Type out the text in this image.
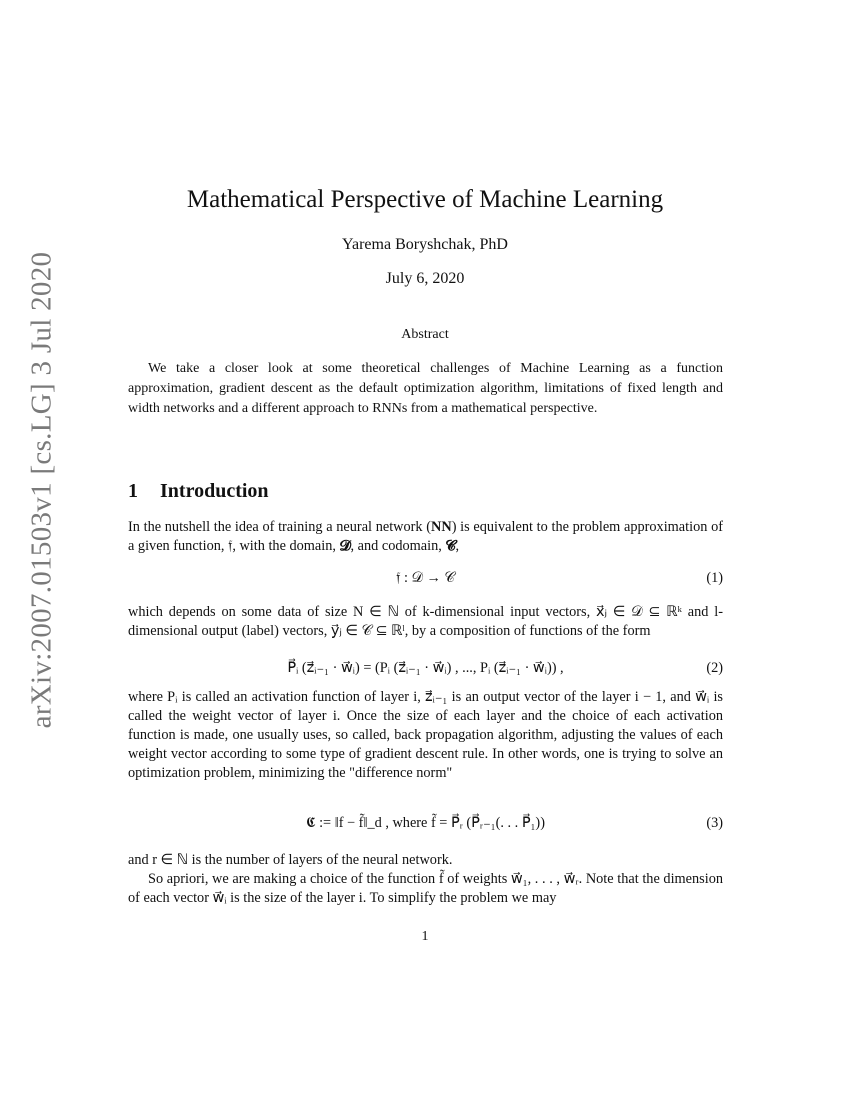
arXiv:2007.01503v1 [cs.LG] 3 Jul 2020
Mathematical Perspective of Machine Learning
Yarema Boryshchak, PhD
July 6, 2020
Abstract

We take a closer look at some theoretical challenges of Machine Learning as a function approximation, gradient descent as the default optimization algorithm, limitations of fixed length and width networks and a different approach to RNNs from a mathematical perspective.

1 Introduction

In the nutshell the idea of training a neural network (NN) is equivalent to the problem approximation of a given function, 𝔣, with the domain, 𝓓, and codomain, 𝓒,

𝔣 : 𝒟 → 𝒞	(1)

which depends on some data of size N ∈ ℕ of k-dimensional input vectors, x⃗ⱼ ∈ 𝒟 ⊆ ℝᵏ and l-dimensional output (label) vectors, y⃗ⱼ ∈ 𝒞 ⊆ ℝˡ, by a composition of functions of the form

P⃗ᵢ (z⃗ᵢ₋₁ · w⃗ᵢ) = (Pᵢ (z⃗ᵢ₋₁ · w⃗ᵢ) , ..., Pᵢ (z⃗ᵢ₋₁ · w⃗ᵢ)) ,	(2)

where Pᵢ is called an activation function of layer i, z⃗ᵢ₋₁ is an output vector of the layer i − 1, and w⃗ᵢ is called the weight vector of layer i. Once the size of each layer and the choice of each activation function is made, one usually uses, so called, back propagation algorithm, adjusting the values of each weight vector according to some type of gradient descent rule. In other words, one is trying to solve an optimization problem, minimizing the "difference norm"

𝕮 := ‖f − f̃‖_d , where f̃ = P⃗ᵣ (P⃗ᵣ₋₁(. . . P⃗₁))	(3)

and r ∈ ℕ is the number of layers of the neural network.

So apriori, we are making a choice of the function f̃ of weights w⃗₁, . . . , w⃗ᵣ. Note that the dimension of each vector w⃗ᵢ is the size of the layer i. To simplify the problem we may

1
